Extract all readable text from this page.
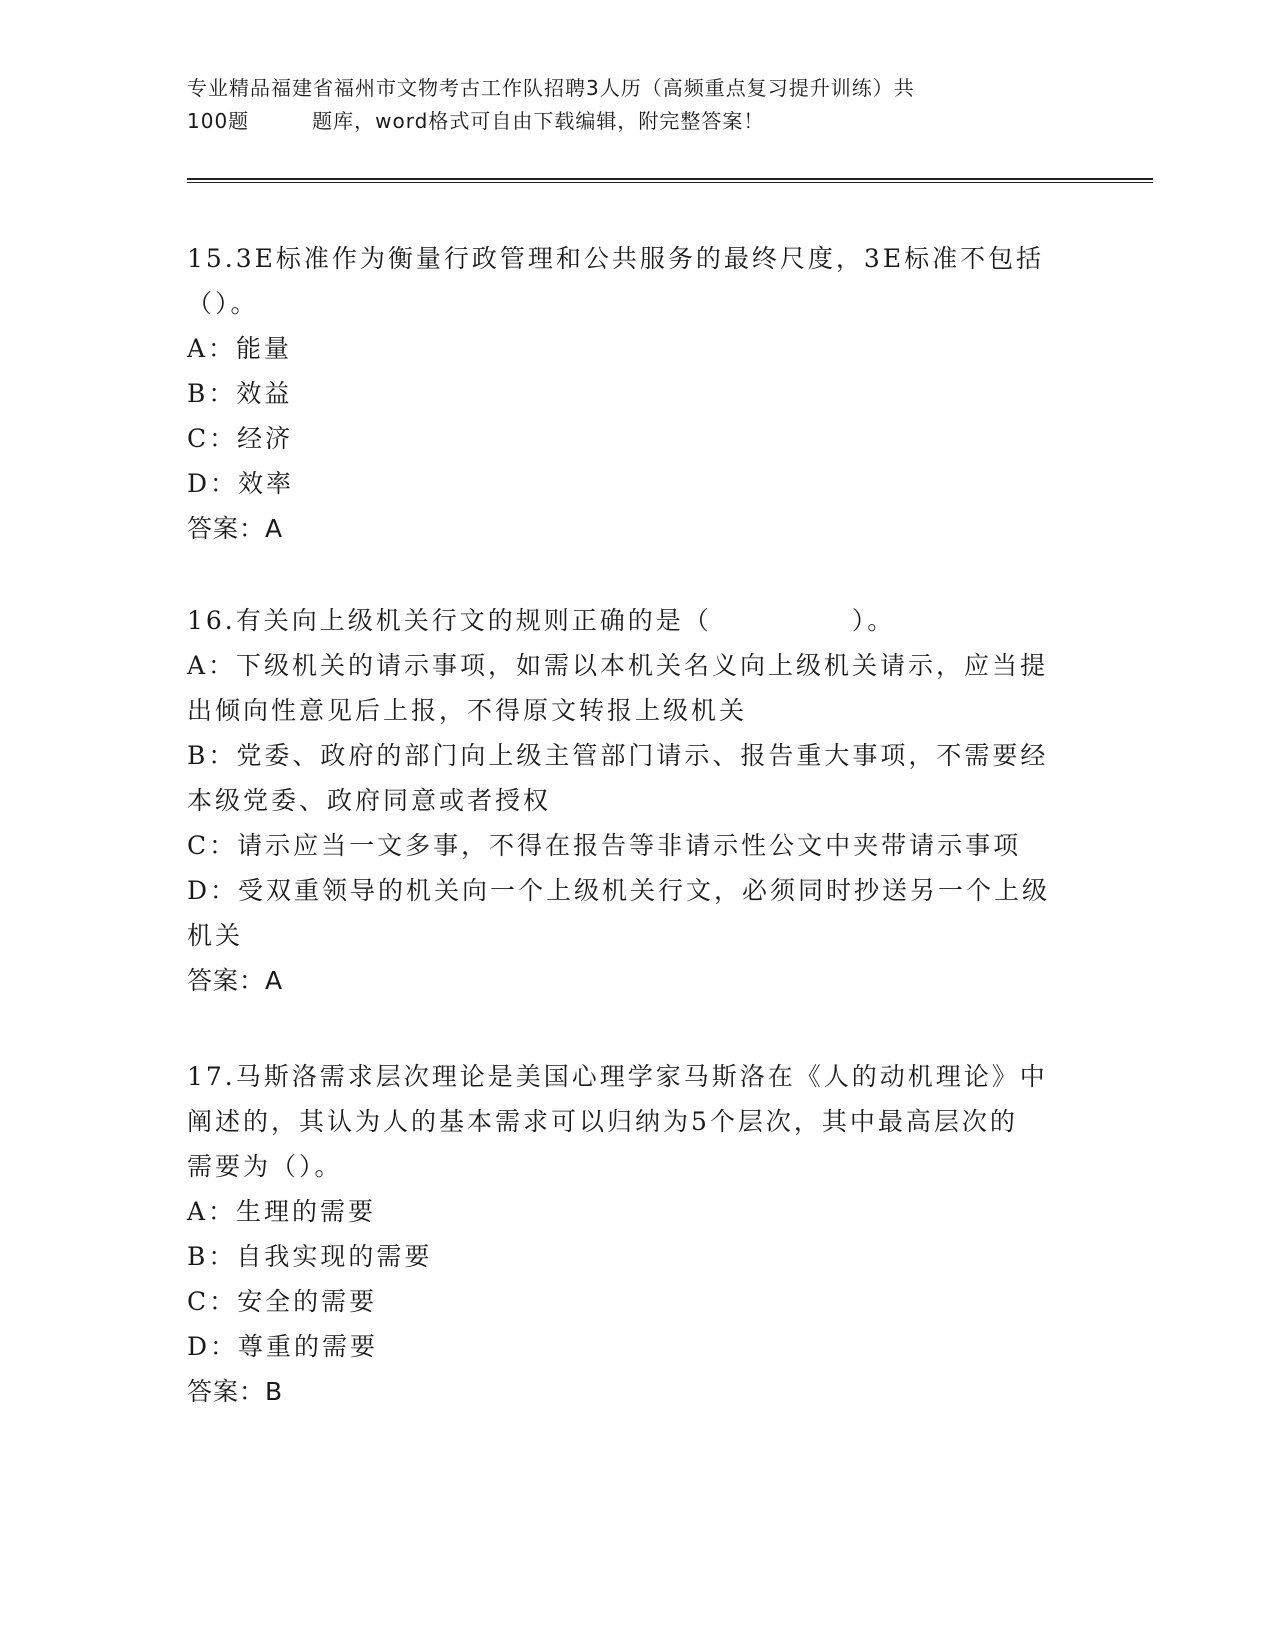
专业精品福建省福州市文物考古工作队招聘3人历（高频重点复习提升训练）共
100题　　　题库，word格式可自由下载编辑，附完整答案！
15.3E标准作为衡量行政管理和公共服务的最终尺度，3E标准不包括
（）。
A：能量
B：效益
C：经济
D：效率
答案：A
16.有关向上级机关行文的规则正确的是（　　　　　）。
A：下级机关的请示事项，如需以本机关名义向上级机关请示，应当提
出倾向性意见后上报，不得原文转报上级机关
B：党委、政府的部门向上级主管部门请示、报告重大事项，不需要经
本级党委、政府同意或者授权
C：请示应当一文多事，不得在报告等非请示性公文中夹带请示事项
D：受双重领导的机关向一个上级机关行文，必须同时抄送另一个上级
机关
答案：A
17.马斯洛需求层次理论是美国心理学家马斯洛在《人的动机理论》中
阐述的，其认为人的基本需求可以归纳为5个层次，其中最高层次的
需要为（）。
A：生理的需要
B：自我实现的需要
C：安全的需要
D：尊重的需要
答案：B
